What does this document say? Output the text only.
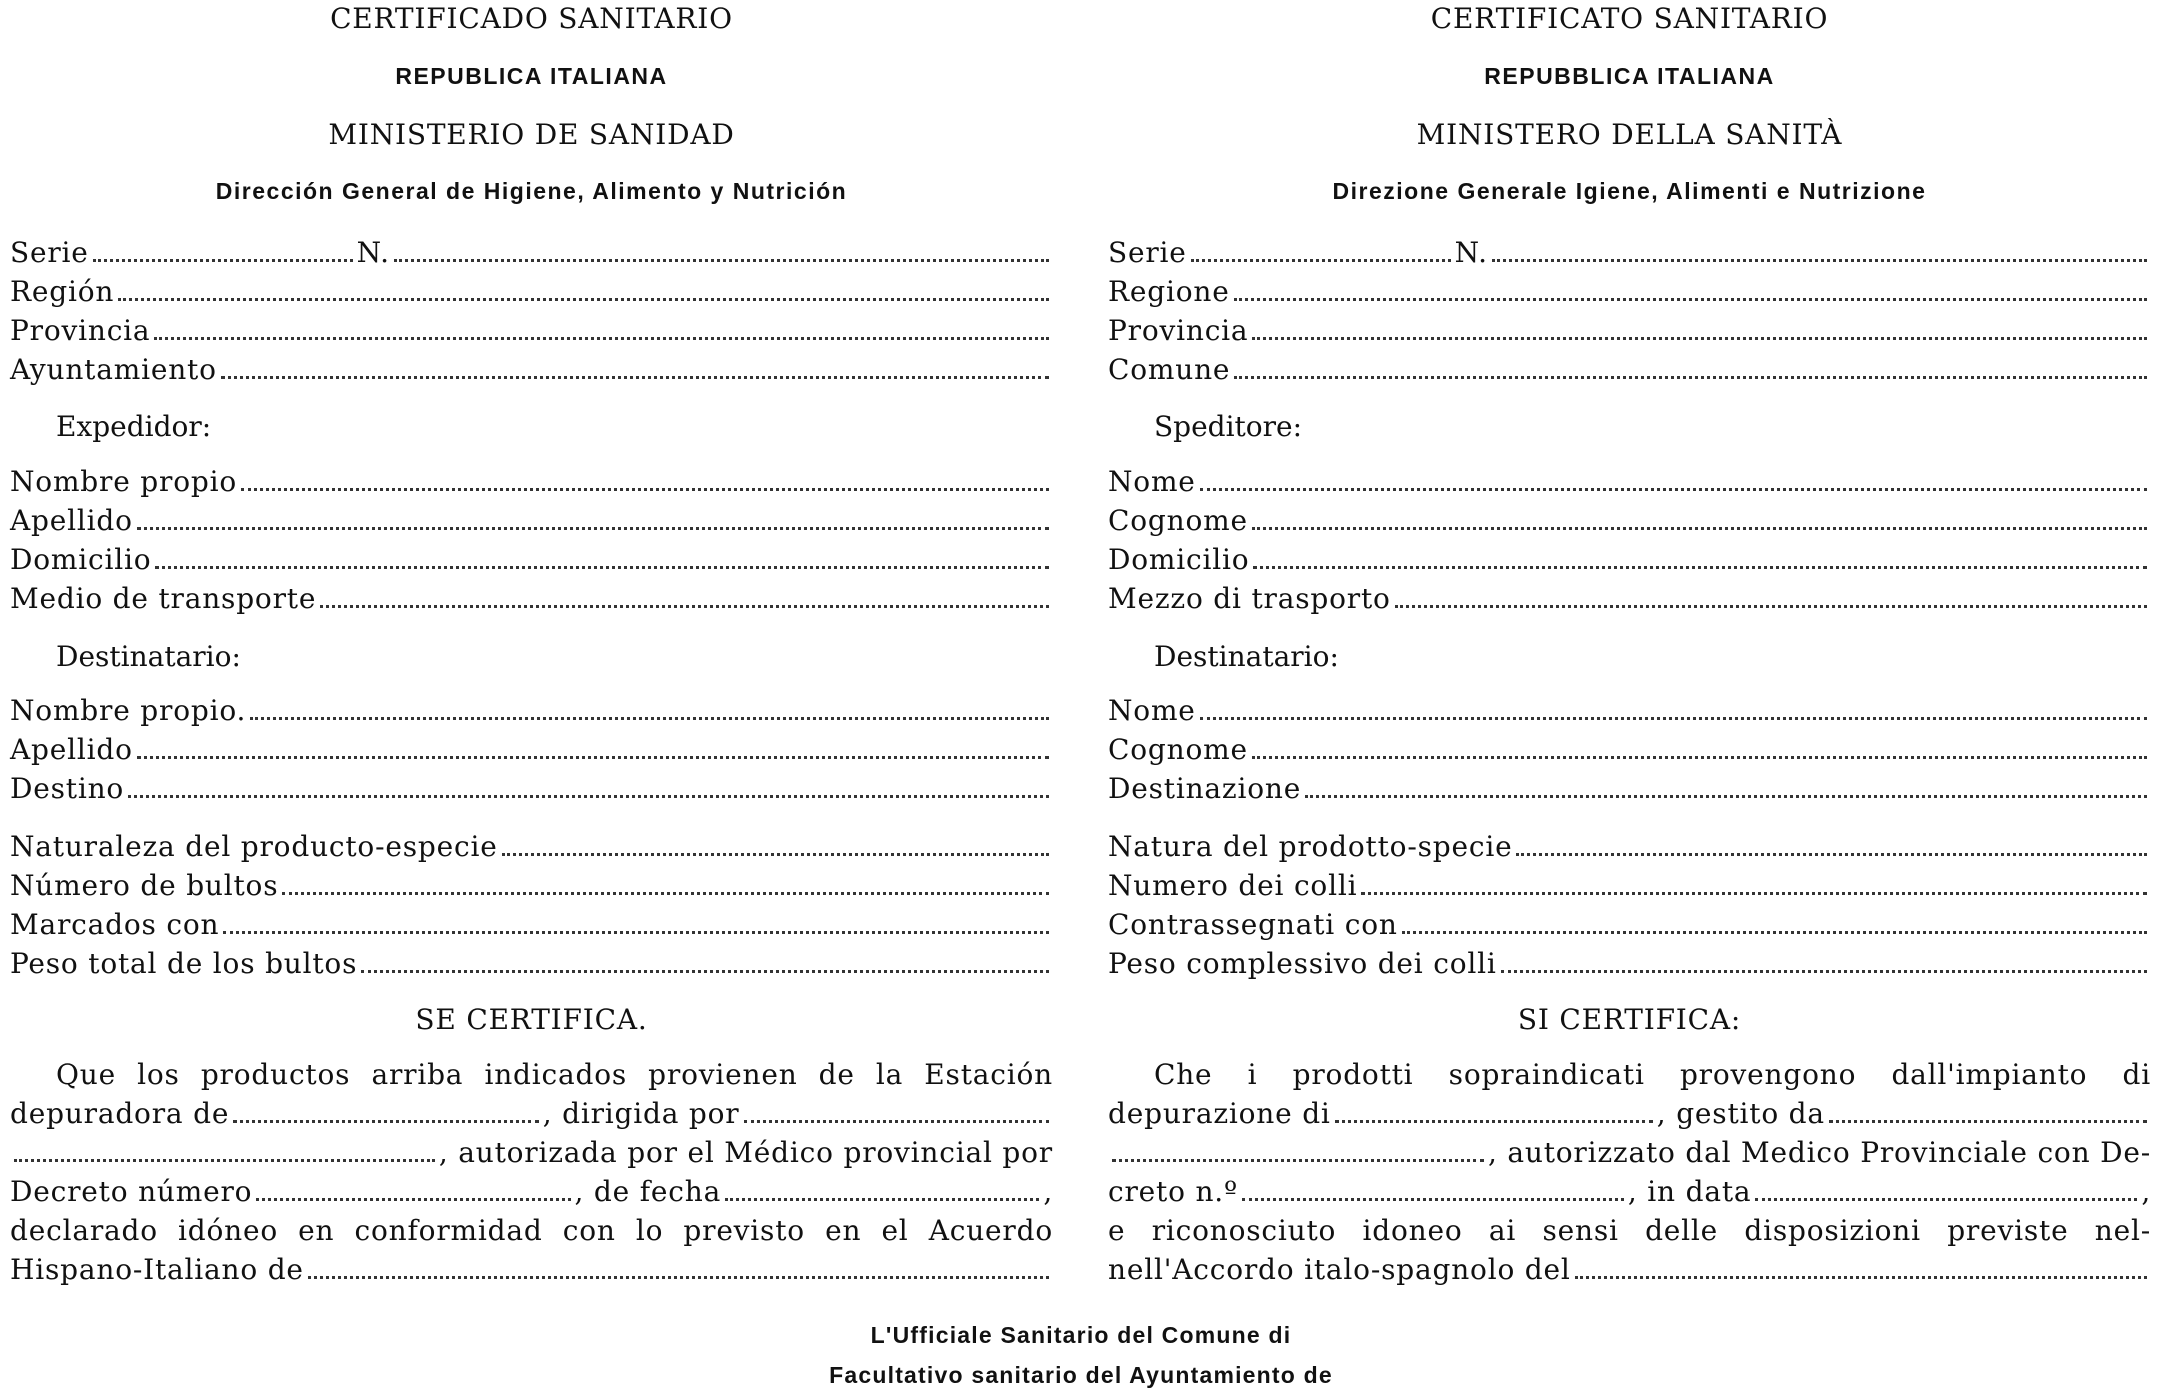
CERTIFICADO SANITARIO
REPUBLICA ITALIANA
MINISTERIO DE SANIDAD
Dirección General de Higiene, Alimento y Nutrición
Serie	N.
Región
Provincia
Ayuntamiento
Expedidor:
Nombre propio
Apellido
Domicilio
Medio de transporte
Destinatario:
Nombre propio.
Apellido
Destino
Naturaleza del producto-especie
Número de bultos
Marcados con
Peso total de los bultos
SE CERTIFICA.
Que los productos arriba indicados provienen de la Estación
depuradora de	, dirigida por
, autorizada por el Médico provincial por
Decreto número	, de fecha	,
declarado idóneo en conformidad con lo previsto en el Acuerdo
Hispano-Italiano de
CERTIFICATO SANITARIO
REPUBBLICA ITALIANA
MINISTERO DELLA SANITÀ
Direzione Generale Igiene, Alimenti e Nutrizione
Serie	N.
Regione
Provincia
Comune
Speditore:
Nome
Cognome
Domicilio
Mezzo di trasporto
Destinatario:
Nome
Cognome
Destinazione
Natura del prodotto-specie
Numero dei colli
Contrassegnati con
Peso complessivo dei colli
SI CERTIFICA:
Che i prodotti sopraindicati provengono dall'impianto di
depurazione di	, gestito da
, autorizzato dal Medico Provinciale con De-
creto n.º	, in data	,
e riconosciuto idoneo ai sensi delle disposizioni previste nel-
nell'Accordo italo-spagnolo del
L'Ufficiale Sanitario del Comune di
Facultativo sanitario del Ayuntamiento de
